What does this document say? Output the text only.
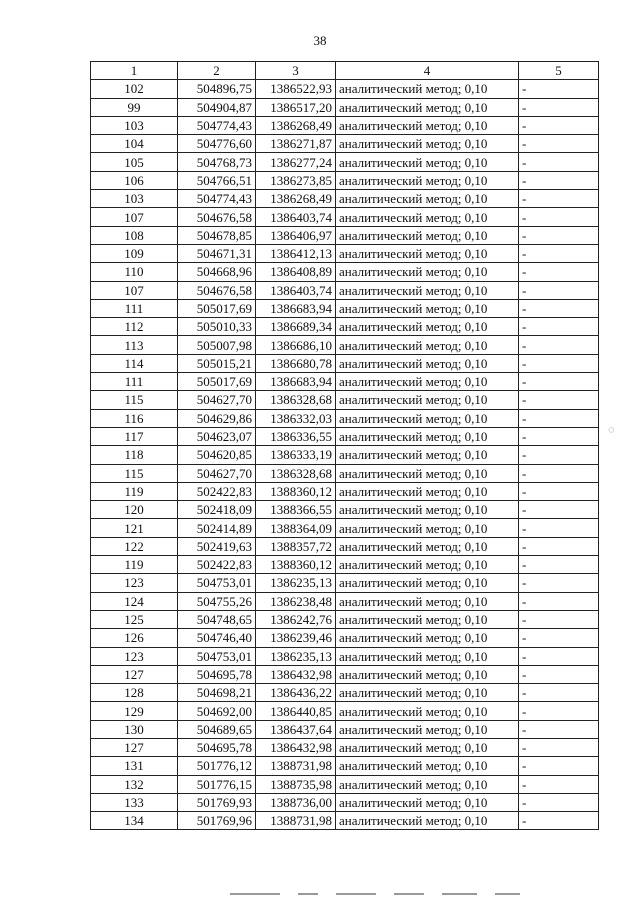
38
1	2	3	4	5
102	504896,75	1386522,93	аналитический метод; 0,10	-
99	504904,87	1386517,20	аналитический метод; 0,10	-
103	504774,43	1386268,49	аналитический метод; 0,10	-
104	504776,60	1386271,87	аналитический метод; 0,10	-
105	504768,73	1386277,24	аналитический метод; 0,10	-
106	504766,51	1386273,85	аналитический метод; 0,10	-
103	504774,43	1386268,49	аналитический метод; 0,10	-
107	504676,58	1386403,74	аналитический метод; 0,10	-
108	504678,85	1386406,97	аналитический метод; 0,10	-
109	504671,31	1386412,13	аналитический метод; 0,10	-
110	504668,96	1386408,89	аналитический метод; 0,10	-
107	504676,58	1386403,74	аналитический метод; 0,10	-
111	505017,69	1386683,94	аналитический метод; 0,10	-
112	505010,33	1386689,34	аналитический метод; 0,10	-
113	505007,98	1386686,10	аналитический метод; 0,10	-
114	505015,21	1386680,78	аналитический метод; 0,10	-
111	505017,69	1386683,94	аналитический метод; 0,10	-
115	504627,70	1386328,68	аналитический метод; 0,10	-
116	504629,86	1386332,03	аналитический метод; 0,10	-
117	504623,07	1386336,55	аналитический метод; 0,10	-
118	504620,85	1386333,19	аналитический метод; 0,10	-
115	504627,70	1386328,68	аналитический метод; 0,10	-
119	502422,83	1388360,12	аналитический метод; 0,10	-
120	502418,09	1388366,55	аналитический метод; 0,10	-
121	502414,89	1388364,09	аналитический метод; 0,10	-
122	502419,63	1388357,72	аналитический метод; 0,10	-
119	502422,83	1388360,12	аналитический метод; 0,10	-
123	504753,01	1386235,13	аналитический метод; 0,10	-
124	504755,26	1386238,48	аналитический метод; 0,10	-
125	504748,65	1386242,76	аналитический метод; 0,10	-
126	504746,40	1386239,46	аналитический метод; 0,10	-
123	504753,01	1386235,13	аналитический метод; 0,10	-
127	504695,78	1386432,98	аналитический метод; 0,10	-
128	504698,21	1386436,22	аналитический метод; 0,10	-
129	504692,00	1386440,85	аналитический метод; 0,10	-
130	504689,65	1386437,64	аналитический метод; 0,10	-
127	504695,78	1386432,98	аналитический метод; 0,10	-
131	501776,12	1388731,98	аналитический метод; 0,10	-
132	501776,15	1388735,98	аналитический метод; 0,10	-
133	501769,93	1388736,00	аналитический метод; 0,10	-
134	501769,96	1388731,98	аналитический метод; 0,10	-
◌
